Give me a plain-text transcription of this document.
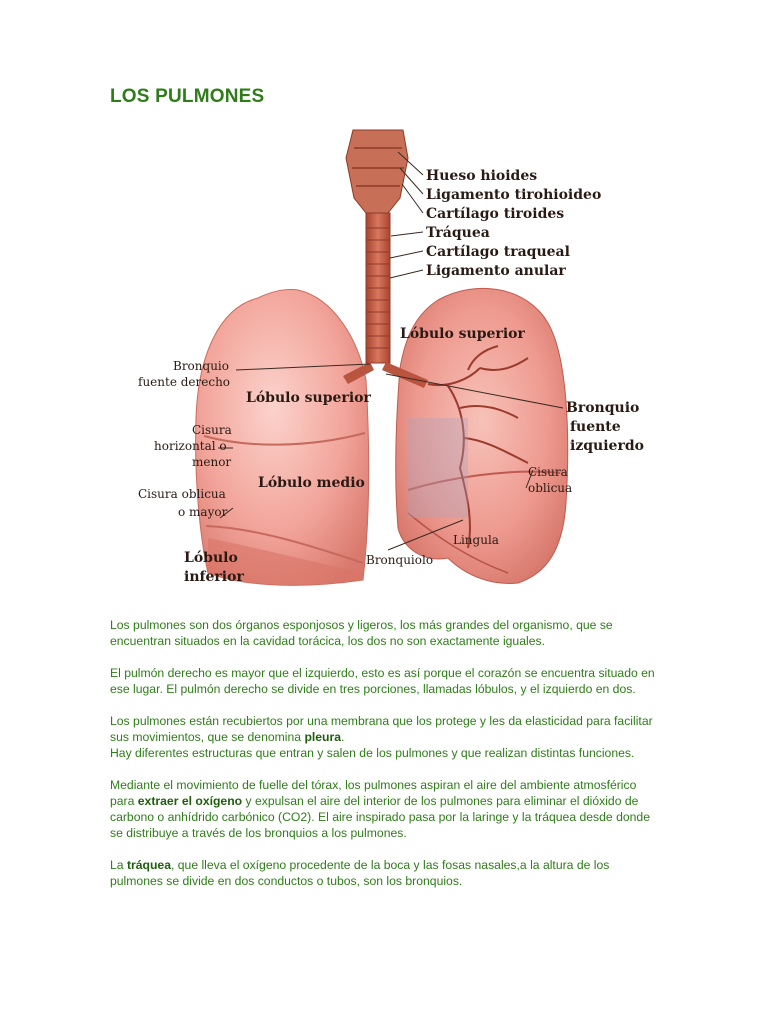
LOS PULMONES
Hueso hioides
Ligamento tirohioideo
Cartílago tiroides
Tráquea
Cartílago traqueal
Ligamento anular
Lóbulo superior
Bronquio
fuente derecho
Lóbulo superior
Bronquio
fuente
izquierdo
Cisura
horizontal o
menor
Lóbulo medio
Cisura
oblicua
Cisura oblicua
o mayor
Lingula
Lóbulo
inferior
Bronquiolo

Los pulmones son dos órganos esponjosos y ligeros, los más grandes del organismo, que se encuentran situados en la cavidad torácica, los dos no son exactamente iguales.

El pulmón derecho es mayor que el izquierdo, esto es así porque el corazón se encuentra situado en ese lugar. El pulmón derecho se divide en tres porciones, llamadas lóbulos, y el izquierdo en dos.

Los pulmones están recubiertos por una membrana que los protege y les da elasticidad para facilitar sus movimientos, que se denomina pleura.
Hay diferentes estructuras que entran y salen de los pulmones y que realizan distintas funciones.

Mediante el movimiento de fuelle del tórax, los pulmones aspiran el aire del ambiente atmosférico para extraer el oxígeno y expulsan el aire del interior de los pulmones para eliminar el dióxido de carbono o anhídrido carbónico (CO2). El aire inspirado pasa por la laringe y la tráquea desde donde se distribuye a través de los bronquios a los pulmones.

La tráquea, que lleva el oxígeno procedente de la boca y las fosas nasales,a la altura de los pulmones se divide en dos conductos o tubos, son los bronquios.
